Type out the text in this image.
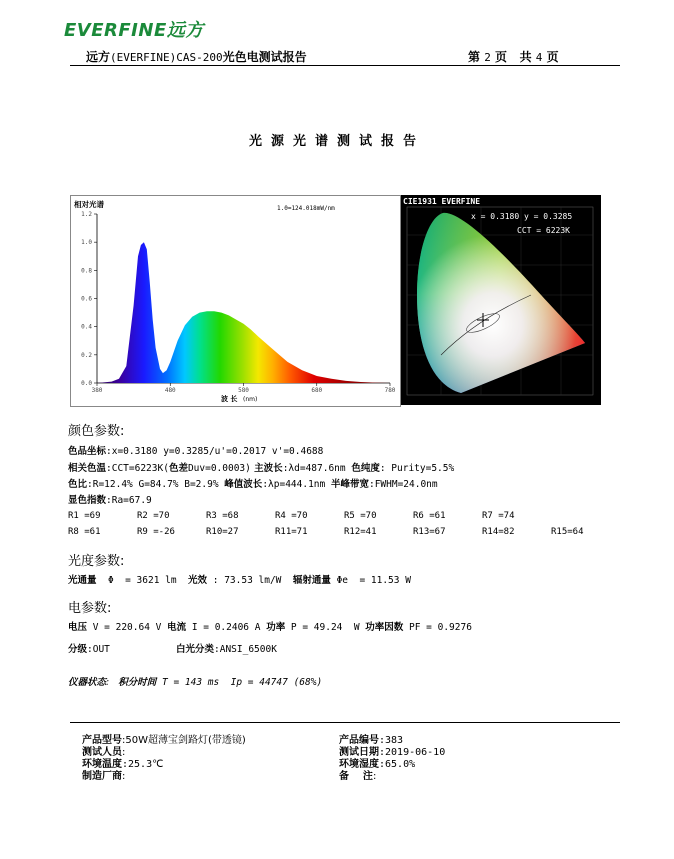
EVERFINE远方
远方(EVERFINE)CAS-200光色电测试报告	第 2 页 共 4 页
光源光谱测试报告
0.0
0.2
0.4
0.6
0.8
1.0
1.2
380	480	580	680	780
相对光谱	1.0=124.018mW/nm
波 长 (nm)
CIE1931 EVERFINE
x = 0.3180 y = 0.3285
CCT = 6223K
颜色参数:
色品坐标:x=0.3180 y=0.3285/u'=0.2017 v'=0.4688
相关色温:CCT=6223K(色差Duv=0.0003) 主波长:λd=487.6nm 色纯度: Purity=5.5%
色比:R=12.4% G=84.7% B=2.9% 峰值波长:λp=444.1nm 半峰带宽:FWHM=24.0nm
显色指数:Ra=67.9
R1 =69	R2 =70	R3 =68	R4 =70	R5 =70	R6 =61	R7 =74
R8 =61	R9 =-26	R10=27	R11=71	R12=41	R13=67	R14=82	R15=64
光度参数:
光通量  Φ  = 3621 lm  光效 : 73.53 lm/W  辐射通量 Φe  = 11.53 W
电参数:
电压 V = 220.64 V 电流 I = 0.2406 A 功率 P = 49.24  W 功率因数 PF = 0.9276
分级:OUT	白光分类:ANSI_6500K
仪器状态: 积分时间 T = 143 ms  Ip = 44747 (68%)
产品型号:50W超薄宝剑路灯(带透镜)	产品编号:383
测试人员:	测试日期:2019-06-10
环境温度:25.3℃	环境湿度:65.0%
制造厂商:	备    注:
